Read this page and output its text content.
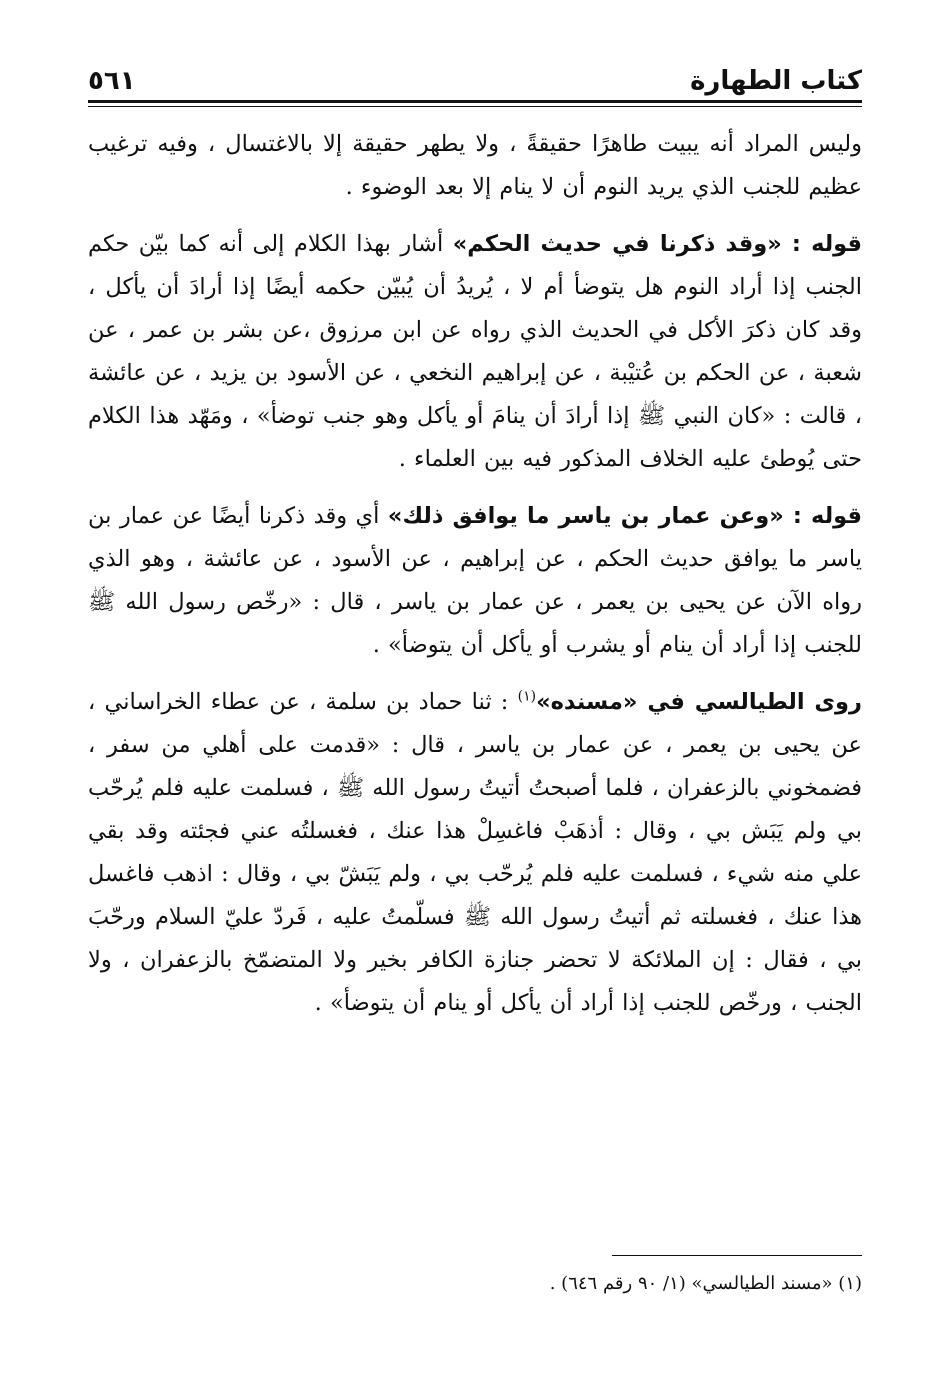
كتاب الطهارة
٥٦١

وليس المراد أنه يبيت طاهرًا حقيقةً ، ولا يطهر حقيقة إلا بالاغتسال ، وفيه ترغيب عظيم للجنب الذي يريد النوم أن لا ينام إلا بعد الوضوء .

قوله : «وقد ذكرنا في حديث الحكم» أشار بهذا الكلام إلى أنه كما بيّن حكم الجنب إذا أراد النوم هل يتوضأ أم لا ، يُريدُ أن يُبيّن حكمه أيضًا إذا أرادَ أن يأكل ، وقد كان ذكرَ الأكل في الحديث الذي رواه عن ابن مرزوق ،عن بشر بن عمر ، عن شعبة ، عن الحكم بن عُتيْبة ، عن إبراهيم النخعي ، عن الأسود بن يزيد ، عن عائشة ، قالت : «كان النبي ﷺ إذا أرادَ أن ينامَ أو يأكل وهو جنب توضأ» ، ومَهّد هذا الكلام حتى يُوطئ عليه الخلاف المذكور فيه بين العلماء .

قوله : «وعن عمار بن ياسر ما يوافق ذلك» أي وقد ذكرنا أيضًا عن عمار بن ياسر ما يوافق حديث الحكم ، عن إبراهيم ، عن الأسود ، عن عائشة ، وهو الذي رواه الآن عن يحيى بن يعمر ، عن عمار بن ياسر ، قال : «رخّص رسول الله ﷺ للجنب إذا أراد أن ينام أو يشرب أو يأكل أن يتوضأ» .

روى الطيالسي في «مسنده»$^{(١)}$ : ثنا حماد بن سلمة ، عن عطاء الخراساني ، عن يحيى بن يعمر ، عن عمار بن ياسر ، قال : «قدمت على أهلي من سفر ، فضمخوني بالزعفران ، فلما أصبحتُ أتيتُ رسول الله ﷺ ، فسلمت عليه فلم يُرحّب بي ولم يَبَش بي ، وقال : أذهَبْ فاغسِلْ هذا عنك ، فغسلتُه عني فجئته وقد بقي علي منه شيء ، فسلمت عليه فلم يُرحّب بي ، ولم يَبَشّ بي ، وقال : اذهب فاغسل هذا عنك ، فغسلته ثم أتيتُ رسول الله ﷺ فسلّمتُ عليه ، فَردّ عليّ السلام ورحّبَ بي ، فقال : إن الملائكة لا تحضر جنازة الكافر بخير ولا المتضمّخ بالزعفران ، ولا الجنب ، ورخّص للجنب إذا أراد أن يأكل أو ينام أن يتوضأ» .

(١) «مسند الطيالسي» (١/ ٩٠ رقم ٦٤٦) .
